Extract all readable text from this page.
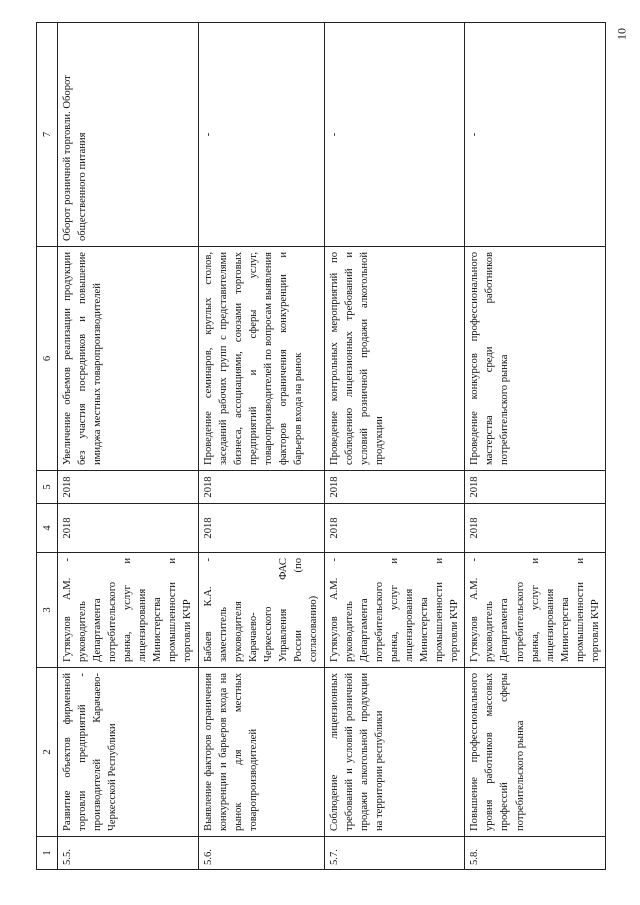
10
1	2	3	4	5	6	7
5.5.	Развитие объектов фирменной торговли предприятий - производителей Карачаево-Черкесской Республики	Гутякулов А.М. - руководитель Департамента потребительского рынка, услуг и лицензирования Министерства промышленности и торговли КЧР	2018	2018	Увеличение объемов реализации продукции без участия посредников и повышение имиджа местных товаропроизводителей	Оборот розничной торговли. Оборот общественного питания
5.6.	Выявление факторов ограничения конкуренции и барьеров входа на рынок для местных товаропроизводителей	Бабаев К.А. - заместитель руководителя Карачаево-Черкесского Управления ФАС России (по согласованию)	2018	2018	Проведение семинаров, круглых столов, заседаний рабочих групп с представителями бизнеса, ассоциациями, союзами торговых предприятий и сферы услуг, товаропроизводителей по вопросам выявления факторов ограничения конкуренции и барьеров входа на рынок	-
5.7.	Соблюдение лицензионных требований и условий розничной продажи алкогольной продукции на территории республики	Гутякулов А.М. - руководитель Департамента потребительского рынка, услуг и лицензирования Министерства промышленности и торговли КЧР	2018	2018	Проведение контрольных мероприятий по соблюдению лицензионных требований и условий розничной продажи алкогольной продукции	-
5.8.	Повышение профессионального уровня работников массовых профессий сферы потребительского рынка	Гутякулов А.М. - руководитель Департамента потребительского рынка, услуг и лицензирования Министерства промышленности и торговли КЧР	2018	2018	Проведение конкурсов профессионального мастерства среди работников потребительского рынка	-
